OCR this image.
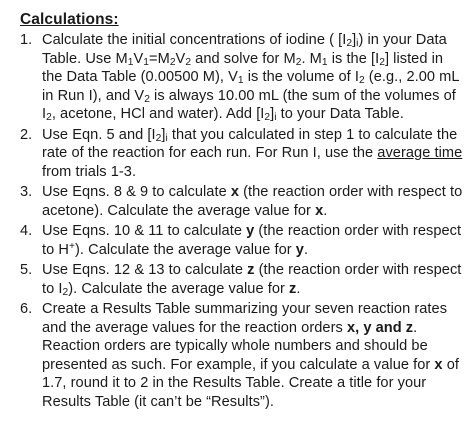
Calculations:
1. Calculate the initial concentrations of iodine ( $[I_2]_i$) in your Data Table. Use $M_1V_1=M_2V_2$ and solve for $M_2$. $M_1$ is the $[I_2]$ listed in the Data Table (0.00500 M), $V_1$ is the volume of $I_2$ (e.g., 2.00 mL in Run I), and $V_2$ is always 10.00 mL (the sum of the volumes of $I_2$, acetone, HCl and water). Add $[I_2]_i$ to your Data Table.
2. Use Eqn. 5 and $[I_2]_i$ that you calculated in step 1 to calculate the rate of the reaction for each run. For Run I, use the average time from trials 1-3.
3. Use Eqns. 8 & 9 to calculate x (the reaction order with respect to acetone). Calculate the average value for x.
4. Use Eqns. 10 & 11 to calculate y (the reaction order with respect to H+). Calculate the average value for y.
5. Use Eqns. 12 & 13 to calculate z (the reaction order with respect to $I_2$). Calculate the average value for z.
6. Create a Results Table summarizing your seven reaction rates and the average values for the reaction orders x, y and z. Reaction orders are typically whole numbers and should be presented as such. For example, if you calculate a value for x of 1.7, round it to 2 in the Results Table. Create a title for your Results Table (it can’t be “Results”).
